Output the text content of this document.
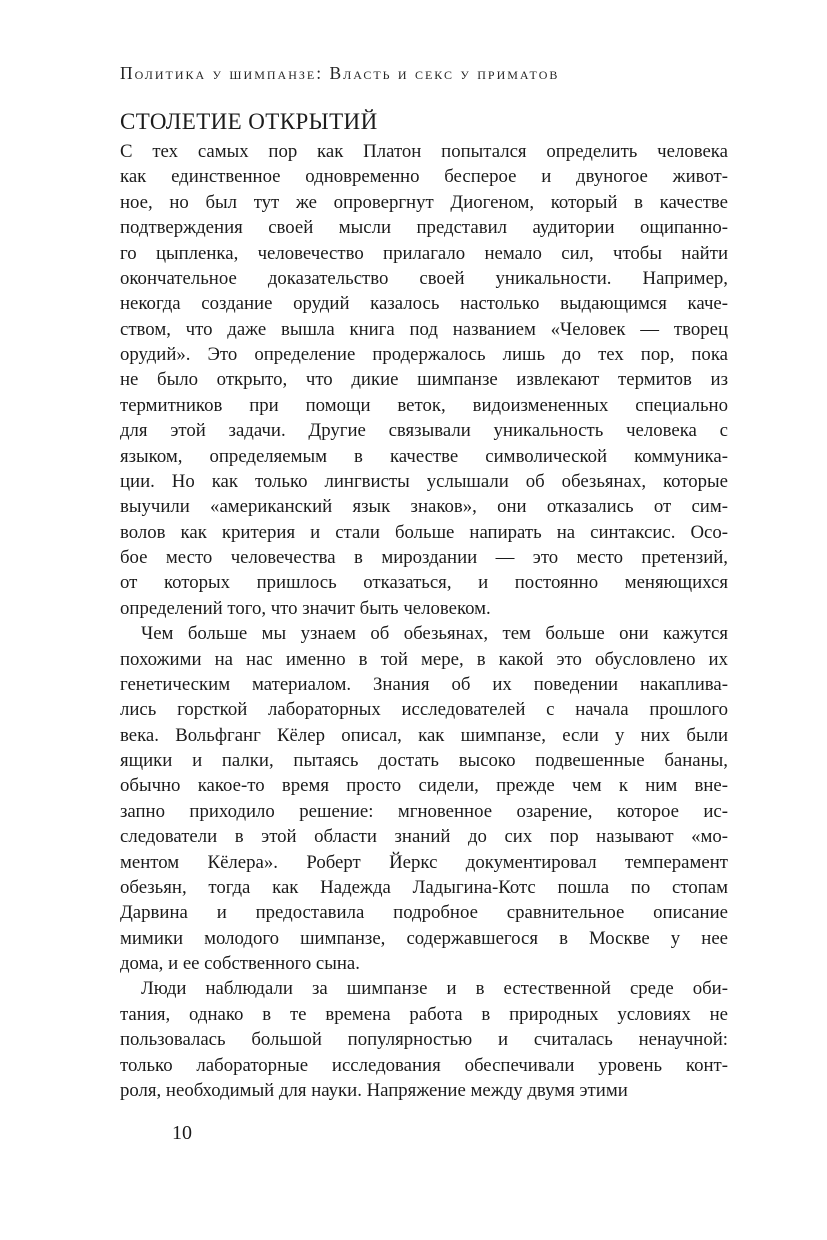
Политика у шимпанзе: Власть и секс у приматов
СТОЛЕТИЕ ОТКРЫТИЙ
С тех самых пор как Платон попытался определить человека
как единственное одновременно бесперое и двуногое живот-
ное, но был тут же опровергнут Диогеном, который в качестве
подтверждения своей мысли представил аудитории ощипанно-
го цыпленка, человечество прилагало немало сил, чтобы найти
окончательное доказательство своей уникальности. Например,
некогда создание орудий казалось настолько выдающимся каче-
ством, что даже вышла книга под названием «Человек — творец
орудий». Это определение продержалось лишь до тех пор, пока
не было открыто, что дикие шимпанзе извлекают термитов из
термитников при помощи веток, видоизмененных специально
для этой задачи. Другие связывали уникальность человека с
языком, определяемым в качестве символической коммуника-
ции. Но как только лингвисты услышали об обезьянах, которые
выучили «американский язык знаков», они отказались от сим-
волов как критерия и стали больше напирать на синтаксис. Осо-
бое место человечества в мироздании — это место претензий,
от которых пришлось отказаться, и постоянно меняющихся
определений того, что значит быть человеком.
Чем больше мы узнаем об обезьянах, тем больше они кажутся
похожими на нас именно в той мере, в какой это обусловлено их
генетическим материалом. Знания об их поведении накаплива-
лись горсткой лабораторных исследователей с начала прошлого
века. Вольфганг Кёлер описал, как шимпанзе, если у них были
ящики и палки, пытаясь достать высоко подвешенные бананы,
обычно какое-то время просто сидели, прежде чем к ним вне-
запно приходило решение: мгновенное озарение, которое ис-
следователи в этой области знаний до сих пор называют «мо-
ментом Кёлера». Роберт Йеркс документировал темперамент
обезьян, тогда как Надежда Ладыгина-Котс пошла по стопам
Дарвина и предоставила подробное сравнительное описание
мимики молодого шимпанзе, содержавшегося в Москве у нее
дома, и ее собственного сына.
Люди наблюдали за шимпанзе и в естественной среде оби-
тания, однако в те времена работа в природных условиях не
пользовалась большой популярностью и считалась ненаучной:
только лабораторные исследования обеспечивали уровень конт-
роля, необходимый для науки. Напряжение между двумя этими
10
